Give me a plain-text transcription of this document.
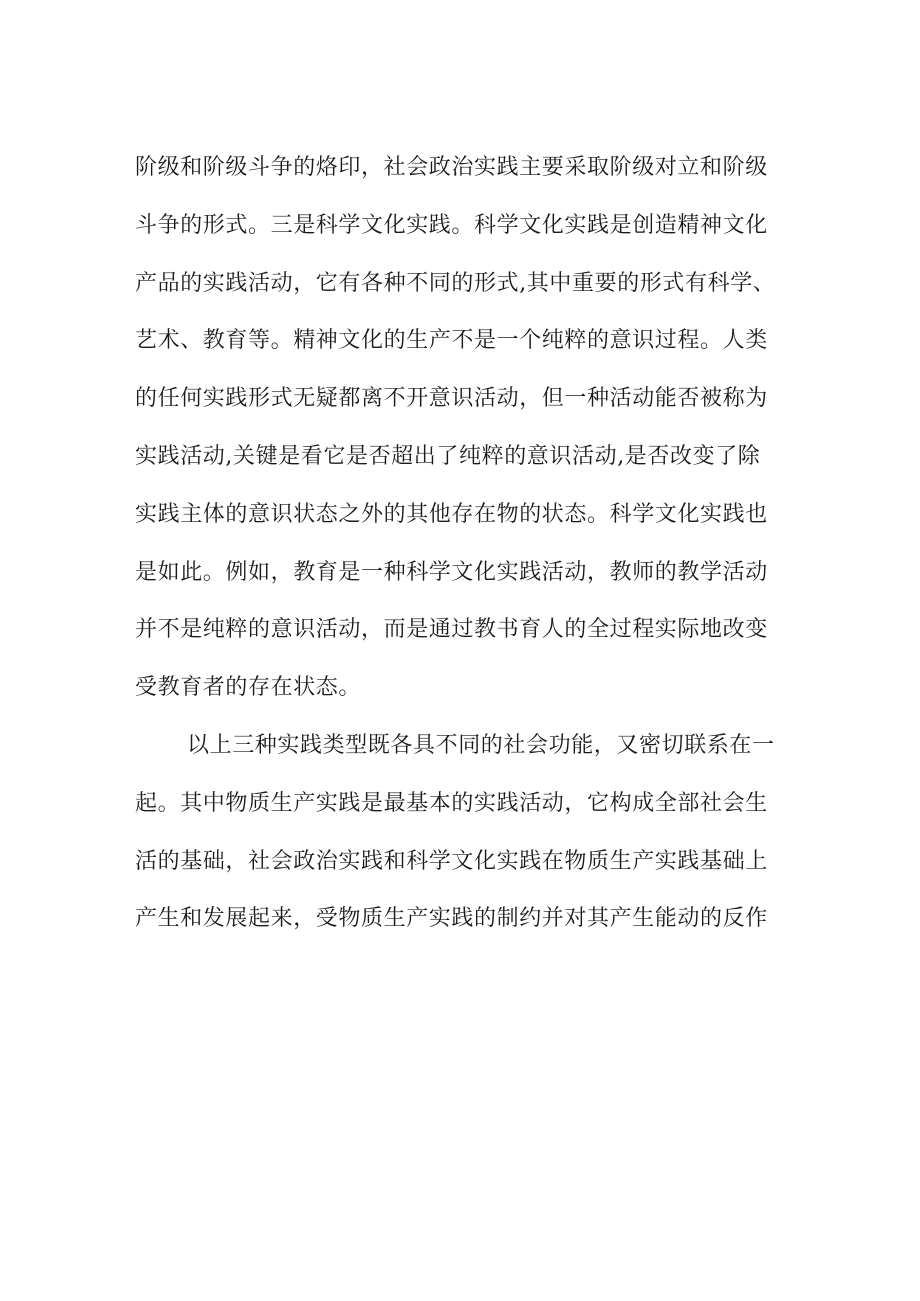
阶级和阶级斗争的烙印，社会政治实践主要采取阶级对立和阶级
斗争的形式。三是科学文化实践。科学文化实践是创造精神文化
产品的实践活动，它有各种不同的形式,其中重要的形式有科学、
艺术、教育等。精神文化的生产不是一个纯粹的意识过程。人类
的任何实践形式无疑都离不开意识活动，但一种活动能否被称为
实践活动,关键是看它是否超出了纯粹的意识活动,是否改变了除
实践主体的意识状态之外的其他存在物的状态。科学文化实践也
是如此。例如，教育是一种科学文化实践活动，教师的教学活动
并不是纯粹的意识活动，而是通过教书育人的全过程实际地改变
受教育者的存在状态。
以上三种实践类型既各具不同的社会功能，又密切联系在一
起。其中物质生产实践是最基本的实践活动，它构成全部社会生
活的基础，社会政治实践和科学文化实践在物质生产实践基础上
产生和发展起来，受物质生产实践的制约并对其产生能动的反作
